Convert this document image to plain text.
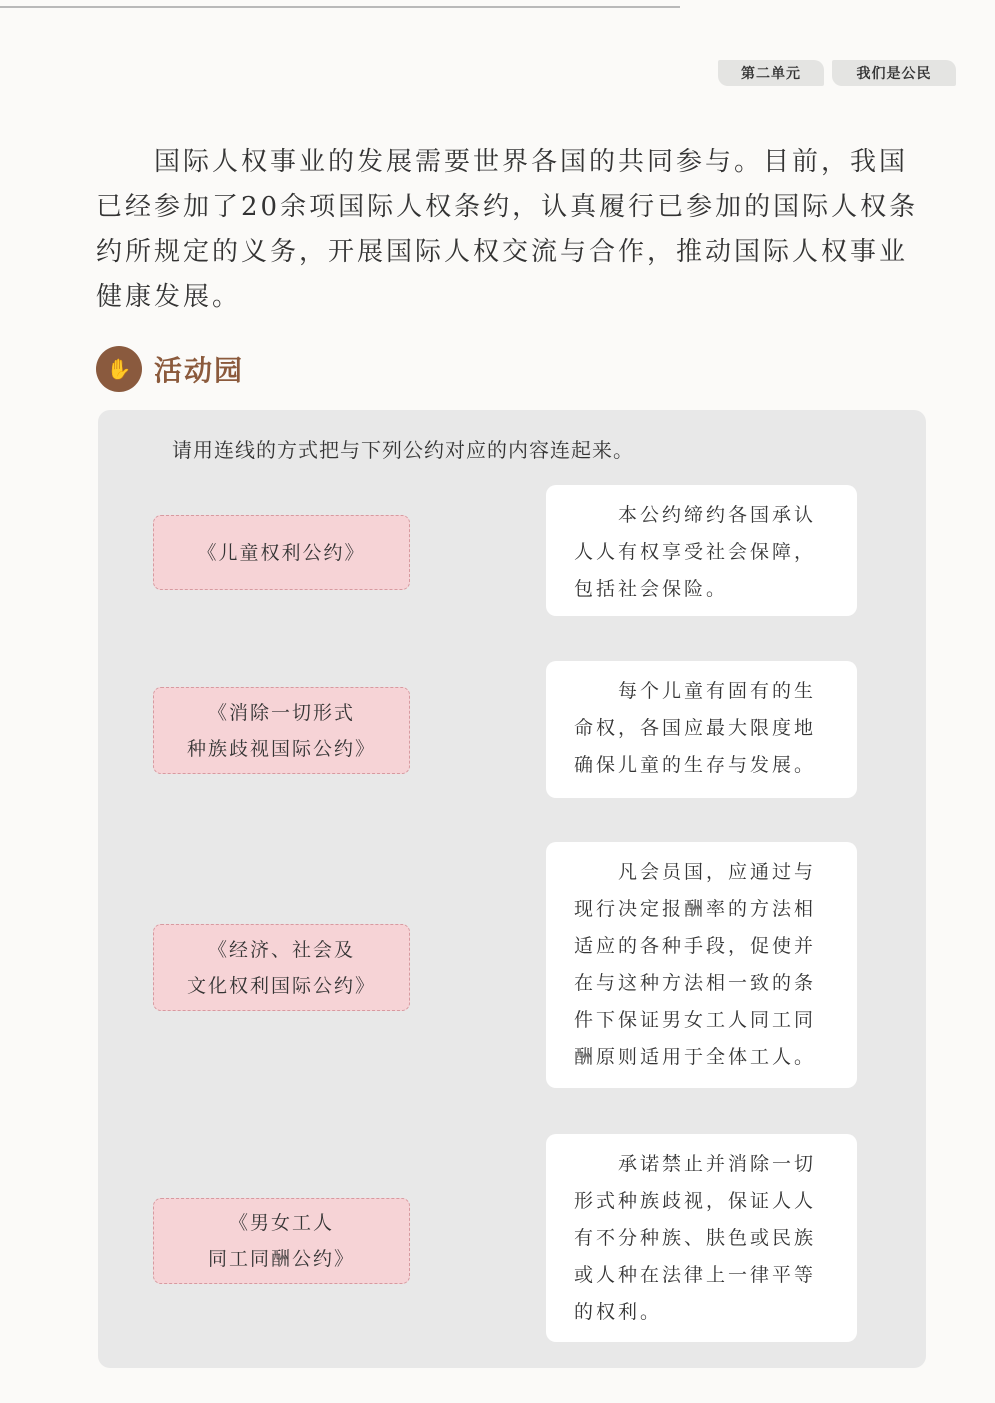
第二单元	我们是公民
国际人权事业的发展需要世界各国的共同参与。目前，我国已经参加了20余项国际人权条约，认真履行已参加的国际人权条约所规定的义务，开展国际人权交流与合作，推动国际人权事业健康发展。
✋ 活动园
请用连线的方式把与下列公约对应的内容连起来。
《儿童权利公约》
《消除一切形式
种族歧视国际公约》
《经济、社会及
文化权利国际公约》
《男女工人
同工同酬公约》
本公约缔约各国承认人人有权享受社会保障，包括社会保险。
每个儿童有固有的生命权，各国应最大限度地确保儿童的生存与发展。
凡会员国，应通过与现行决定报酬率的方法相适应的各种手段，促使并在与这种方法相一致的条件下保证男女工人同工同酬原则适用于全体工人。
承诺禁止并消除一切形式种族歧视，保证人人有不分种族、肤色或民族或人种在法律上一律平等的权利。
